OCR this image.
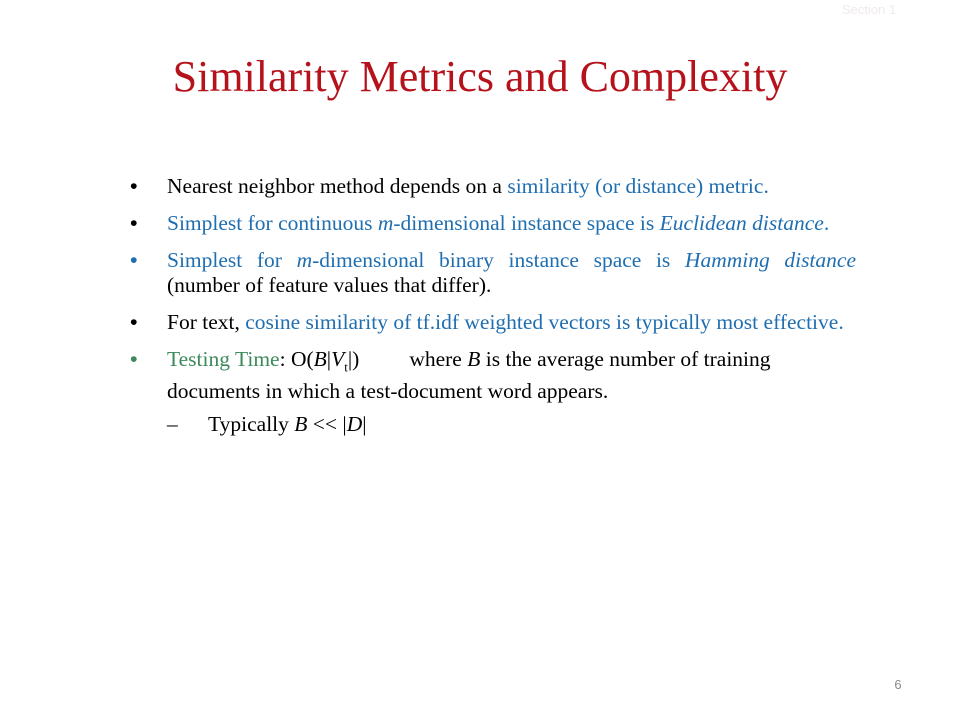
Section 1
Similarity Metrics and Complexity
•	Nearest neighbor method depends on a similarity (or distance) metric.
•	Simplest for continuous m-dimensional instance space is Euclidean distance.
•	Simplest for m-dimensional binary instance space is Hamming distance (number of feature values that differ).
•	For text, cosine similarity of tf.idf weighted vectors is typically most effective.
•	Testing Time: $O(B|V_t|)$ where B is the average number of training documents in which a test-document word appears.
– Typically B << |D|
6
